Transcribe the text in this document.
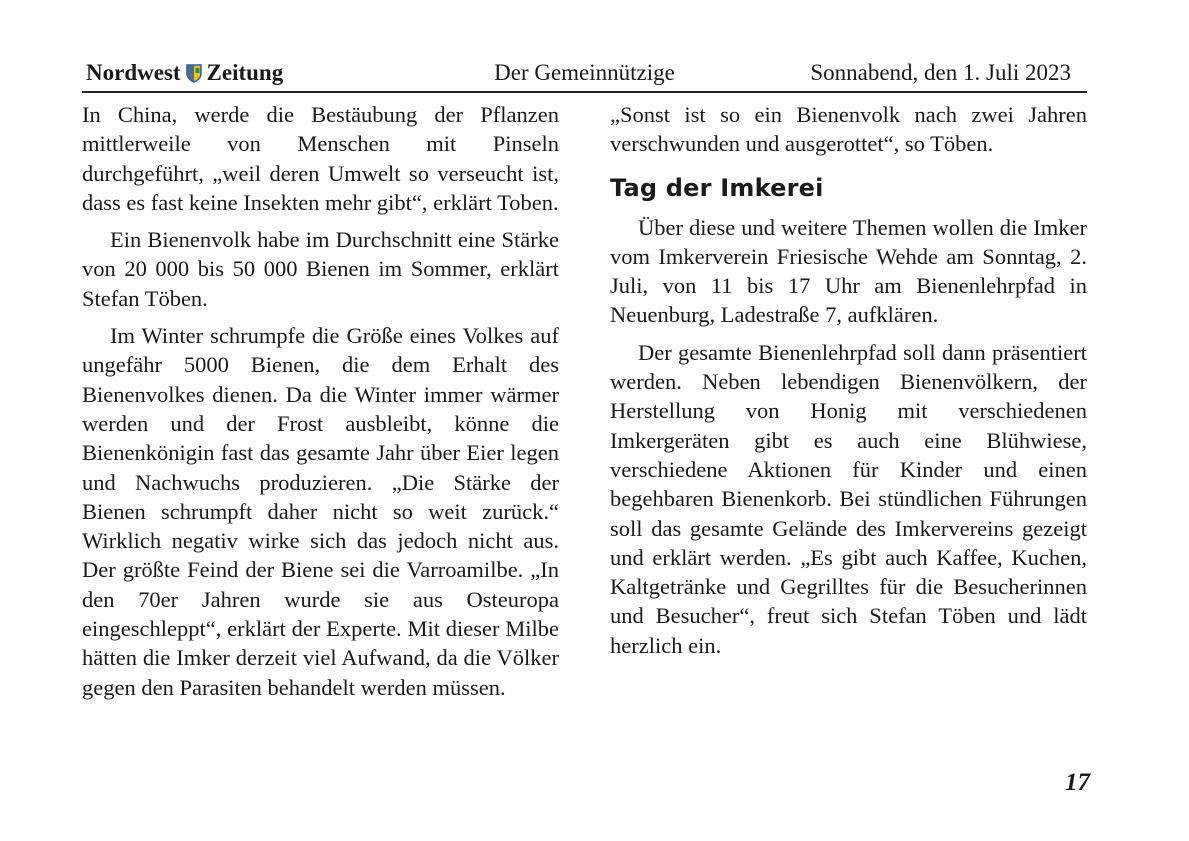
Nordwest Zeitung	Der Gemeinnützige	Sonnabend, den 1. Juli 2023

In China, werde die Bestäubung der Pflanzen mittlerweile von Menschen mit Pinseln durchgeführt, „weil deren Umwelt so verseucht ist, dass es fast keine Insekten mehr gibt“, erklärt Toben.

Ein Bienenvolk habe im Durchschnitt eine Stärke von 20 000 bis 50 000 Bienen im Sommer, erklärt Stefan Töben.

Im Winter schrumpfe die Größe eines Volkes auf ungefähr 5000 Bienen, die dem Erhalt des Bienenvolkes dienen. Da die Winter immer wärmer werden und der Frost ausbleibt, könne die Bienenkönigin fast das gesamte Jahr über Eier legen und Nachwuchs produzieren. „Die Stärke der Bienen schrumpft daher nicht so weit zurück.“ Wirklich negativ wirke sich das jedoch nicht aus. Der größte Feind der Biene sei die Varroamilbe. „In den 70er Jahren wurde sie aus Osteuropa eingeschleppt“, erklärt der Experte. Mit dieser Milbe hätten die Imker derzeit viel Aufwand, da die Völker gegen den Parasiten behandelt werden müssen.

„Sonst ist so ein Bienenvolk nach zwei Jahren verschwunden und ausgerottet“, so Töben.

Tag der Imkerei

Über diese und weitere Themen wollen die Imker vom Imkerverein Friesische Wehde am Sonntag, 2. Juli, von 11 bis 17 Uhr am Bienenlehrpfad in Neuenburg, Ladestraße 7, aufklären.

Der gesamte Bienenlehrpfad soll dann präsentiert werden. Neben lebendigen Bienenvölkern, der Herstellung von Honig mit verschiedenen Imkergeräten gibt es auch eine Blühwiese, verschiedene Aktionen für Kinder und einen begehbaren Bienenkorb. Bei stündlichen Führungen soll das gesamte Gelände des Imkervereins gezeigt und erklärt werden. „Es gibt auch Kaffee, Kuchen, Kaltgetränke und Gegrilltes für die Besucherinnen und Besucher“, freut sich Stefan Töben und lädt herzlich ein.

17
